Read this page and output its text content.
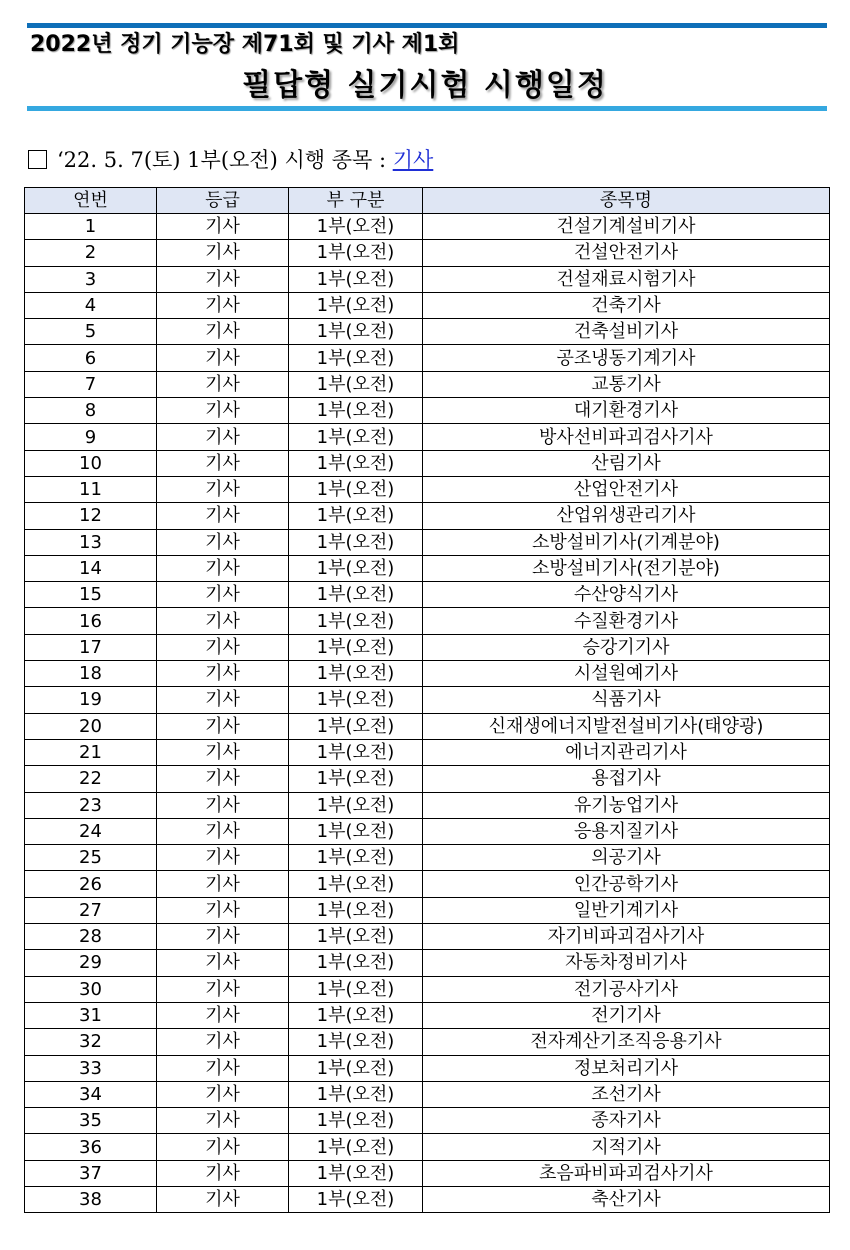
2022년 정기 기능장 제71회 및 기사 제1회
필답형 실기시험 시행일정
‘22. 5. 7(토) 1부(오전) 시행 종목 : 기사
연번	등급	부 구분	종목명
1	기사	1부(오전)	건설기계설비기사
2	기사	1부(오전)	건설안전기사
3	기사	1부(오전)	건설재료시험기사
4	기사	1부(오전)	건축기사
5	기사	1부(오전)	건축설비기사
6	기사	1부(오전)	공조냉동기계기사
7	기사	1부(오전)	교통기사
8	기사	1부(오전)	대기환경기사
9	기사	1부(오전)	방사선비파괴검사기사
10	기사	1부(오전)	산림기사
11	기사	1부(오전)	산업안전기사
12	기사	1부(오전)	산업위생관리기사
13	기사	1부(오전)	소방설비기사(기계분야)
14	기사	1부(오전)	소방설비기사(전기분야)
15	기사	1부(오전)	수산양식기사
16	기사	1부(오전)	수질환경기사
17	기사	1부(오전)	승강기기사
18	기사	1부(오전)	시설원예기사
19	기사	1부(오전)	식품기사
20	기사	1부(오전)	신재생에너지발전설비기사(태양광)
21	기사	1부(오전)	에너지관리기사
22	기사	1부(오전)	용접기사
23	기사	1부(오전)	유기농업기사
24	기사	1부(오전)	응용지질기사
25	기사	1부(오전)	의공기사
26	기사	1부(오전)	인간공학기사
27	기사	1부(오전)	일반기계기사
28	기사	1부(오전)	자기비파괴검사기사
29	기사	1부(오전)	자동차정비기사
30	기사	1부(오전)	전기공사기사
31	기사	1부(오전)	전기기사
32	기사	1부(오전)	전자계산기조직응용기사
33	기사	1부(오전)	정보처리기사
34	기사	1부(오전)	조선기사
35	기사	1부(오전)	종자기사
36	기사	1부(오전)	지적기사
37	기사	1부(오전)	초음파비파괴검사기사
38	기사	1부(오전)	축산기사
